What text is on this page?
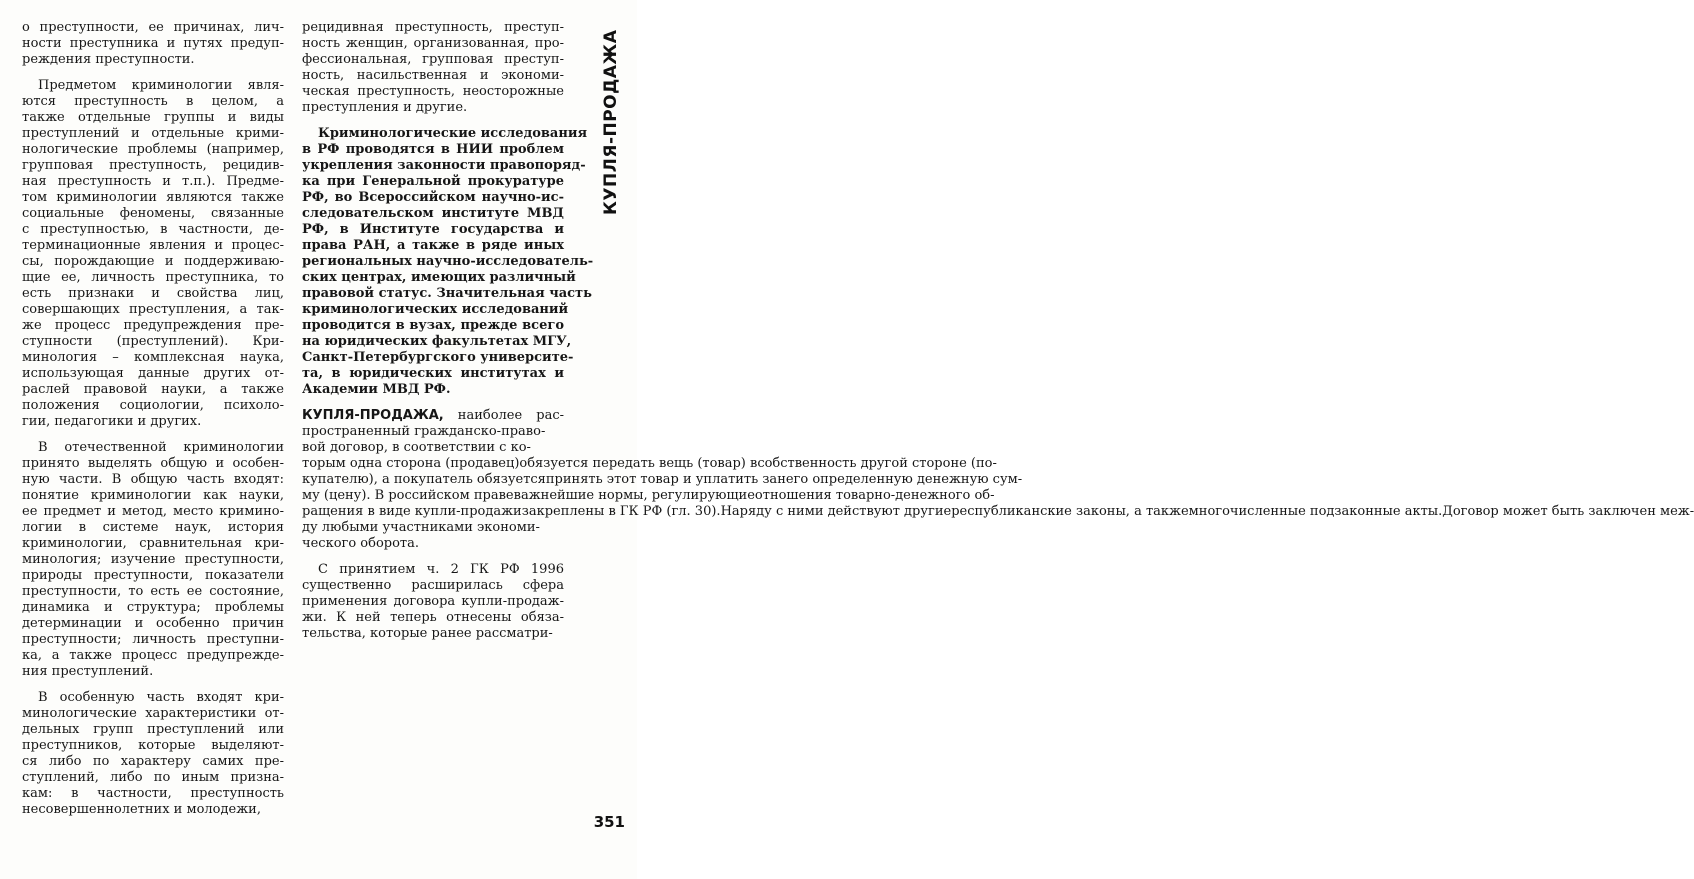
о преступности, ее причинах, лич-
ности преступника и путях предуп-
реждения преступности.

Предметом криминологии явля-
ются преступность в целом, а
также отдельные группы и виды
преступлений и отдельные крими-
нологические проблемы (например,
групповая преступность, рецидив-
ная преступность и т.п.). Предме-
том криминологии являются также
социальные феномены, связанные
с преступностью, в частности, де-
терминационные явления и процес-
сы, порождающие и поддерживаю-
щие ее, личность преступника, то
есть признаки и свойства лиц,
совершающих преступления, а так-
же процесс предупреждения пре-
ступности (преступлений). Кри-
минология – комплексная наука,
использующая данные других от-
раслей правовой науки, а также
положения социологии, психоло-
гии, педагогики и других.

В отечественной криминологии
принято выделять общую и особен-
ную части. В общую часть входят:
понятие криминологии как науки,
ее предмет и метод, место кримино-
логии в системе наук, история
криминологии, сравнительная кри-
минология; изучение преступности,
природы преступности, показатели
преступности, то есть ее состояние,
динамика и структура; проблемы
детерминации и особенно причин
преступности; личность преступни-
ка, а также процесс предупрежде-
ния преступлений.

В особенную часть входят кри-
минологические характеристики от-
дельных групп преступлений или
преступников, которые выделяют-
ся либо по характеру самих пре-
ступлений, либо по иным призна-
кам: в частности, преступность
несовершеннолетних и молодежи,

рецидивная преступность, преступ-
ность женщин, организованная, про-
фессиональная, групповая преступ-
ность, насильственная и экономи-
ческая преступность, неосторожные
преступления и другие.

Криминологические исследования
в РФ проводятся в НИИ проблем
укрепления законности правопоряд-
ка при Генеральной прокуратуре
РФ, во Всероссийском научно-ис-
следовательском институте МВД
РФ, в Институте государства и
права РАН, а также в ряде иных
региональных научно-исследователь-
ских центрах, имеющих различный
правовой статус. Значительная часть
криминологических исследований
проводится в вузах, прежде всего
на юридических факультетах МГУ,
Санкт-Петербургского университе-
та, в юридических институтах и
Академии МВД РФ.

КУПЛЯ-ПРОДАЖА, наиболее рас-
пространенный гражданско-право-вой договор, в соответствии с ко-торым одна сторона (продавец)обязуется передать вещь (товар) всобственность другой стороне (по-купателю), а покупатель обязуетсяпринять этот товар и уплатить занего определенную денежную сум-му (цену). В российском правеважнейшие нормы, регулирующиеотношения товарно-денежного об-ращения в виде купли-продажизакреплены в ГК РФ (гл. 30).Наряду с ними действуют другиереспубликанские законы, а такжемногочисленные подзаконные акты.Договор может быть заключен меж-ду любыми участниками экономи-ческого оборота.

С принятием ч. 2 ГК РФ 1996
существенно расширилась сфера
применения договора купли-продаж-
жи. К ней теперь отнесены обяза-
тельства, которые ранее рассматри-

КУПЛЯ-ПРОДАЖА
351
